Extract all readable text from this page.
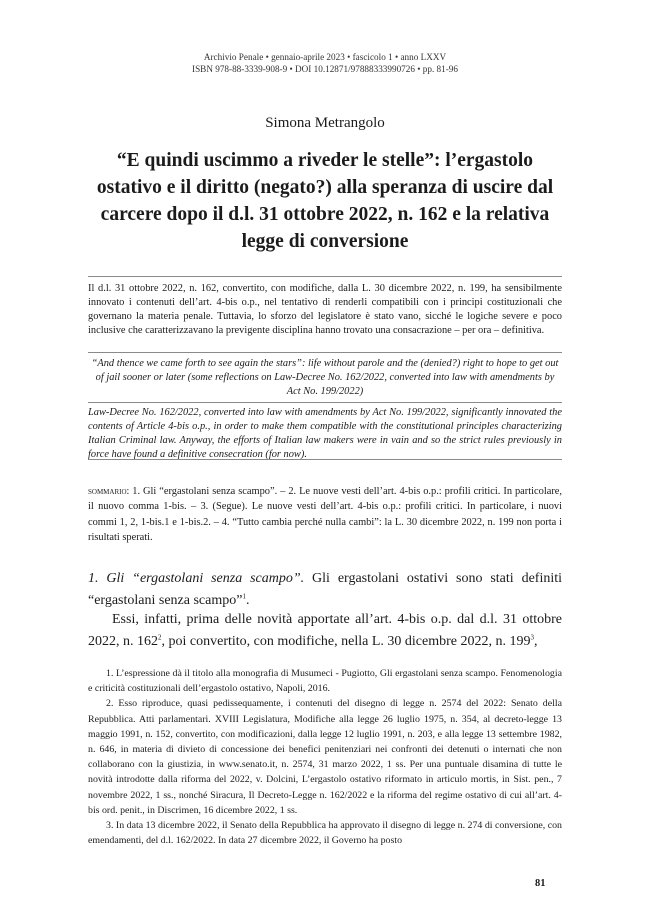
Archivio Penale • gennaio-aprile 2023 • fascicolo 1 • anno LXXV
ISBN 978-88-3339-908-9 • DOI 10.12871/97888333990726 • pp. 81-96
Simona Metrangolo
“E quindi uscimmo a riveder le stelle”: l’ergastolo ostativo e il diritto (negato?) alla speranza di uscire dal carcere dopo il d.l. 31 ottobre 2022, n. 162 e la relativa legge di conversione
Il d.l. 31 ottobre 2022, n. 162, convertito, con modifiche, dalla L. 30 dicembre 2022, n. 199, ha sensibilmente innovato i contenuti dell’art. 4-bis o.p., nel tentativo di renderli compatibili con i principi costituzionali che governano la materia penale. Tuttavia, lo sforzo del legislatore è stato vano, sicché le logiche severe e poco inclusive che caratterizzavano la previgente disciplina hanno trovato una consacrazione – per ora – definitiva.
“And thence we came forth to see again the stars”: life without parole and the (denied?) right to hope to get out of jail sooner or later (some reflections on Law-Decree No. 162/2022, converted into law with amendments by Act No. 199/2022)
Law-Decree No. 162/2022, converted into law with amendments by Act No. 199/2022, significantly innovated the contents of Article 4-bis o.p., in order to make them compatible with the constitutional principles characterizing Italian Criminal law. Anyway, the efforts of Italian law makers were in vain and so the strict rules previously in force have found a definitive consecration (for now).
sommario: 1. Gli “ergastolani senza scampo”. – 2. Le nuove vesti dell’art. 4-bis o.p.: profili critici. In particolare, il nuovo comma 1-bis. – 3. (Segue). Le nuove vesti dell’art. 4-bis o.p.: profili critici. In particolare, i nuovi commi 1, 2, 1-bis.1 e 1-bis.2. – 4. “Tutto cambia perché nulla cambi”: la L. 30 dicembre 2022, n. 199 non porta i risultati sperati.
1. Gli “ergastolani senza scampo”. Gli ergastolani ostativi sono stati definiti “ergastolani senza scampo”$^1$.
Essi, infatti, prima delle novità apportate all’art. 4-bis o.p. dal d.l. 31 ottobre 2022, n. $162^2$, poi convertito, con modifiche, nella L. 30 dicembre 2022, n. $199^3$,

1. L’espressione dà il titolo alla monografia di Musumeci - Pugiotto, Gli ergastolani senza scampo. Fenomenologia e criticità costituzionali dell’ergastolo ostativo, Napoli, 2016.

2. Esso riproduce, quasi pedissequamente, i contenuti del disegno di legge n. 2574 del 2022: Senato della Repubblica. Atti parlamentari. XVIII Legislatura, Modifiche alla legge 26 luglio 1975, n. 354, al decreto-legge 13 maggio 1991, n. 152, convertito, con modificazioni, dalla legge 12 luglio 1991, n. 203, e alla legge 13 settembre 1982, n. 646, in materia di divieto di concessione dei benefici penitenziari nei confronti dei detenuti o internati che non collaborano con la giustizia, in www.senato.it, n. 2574, 31 marzo 2022, 1 ss. Per una puntuale disamina di tutte le novità introdotte dalla riforma del 2022, v. Dolcini, L’ergastolo ostativo riformato in articulo mortis, in Sist. pen., 7 novembre 2022, 1 ss., nonché Siracura, Il Decreto-Legge n. 162/2022 e la riforma del regime ostativo di cui all’art. 4-bis ord. penit., in Discrimen, 16 dicembre 2022, 1 ss.

3. In data 13 dicembre 2022, il Senato della Repubblica ha approvato il disegno di legge n. 274 di conversione, con emendamenti, del d.l. 162/2022. In data 27 dicembre 2022, il Governo ha posto

81
